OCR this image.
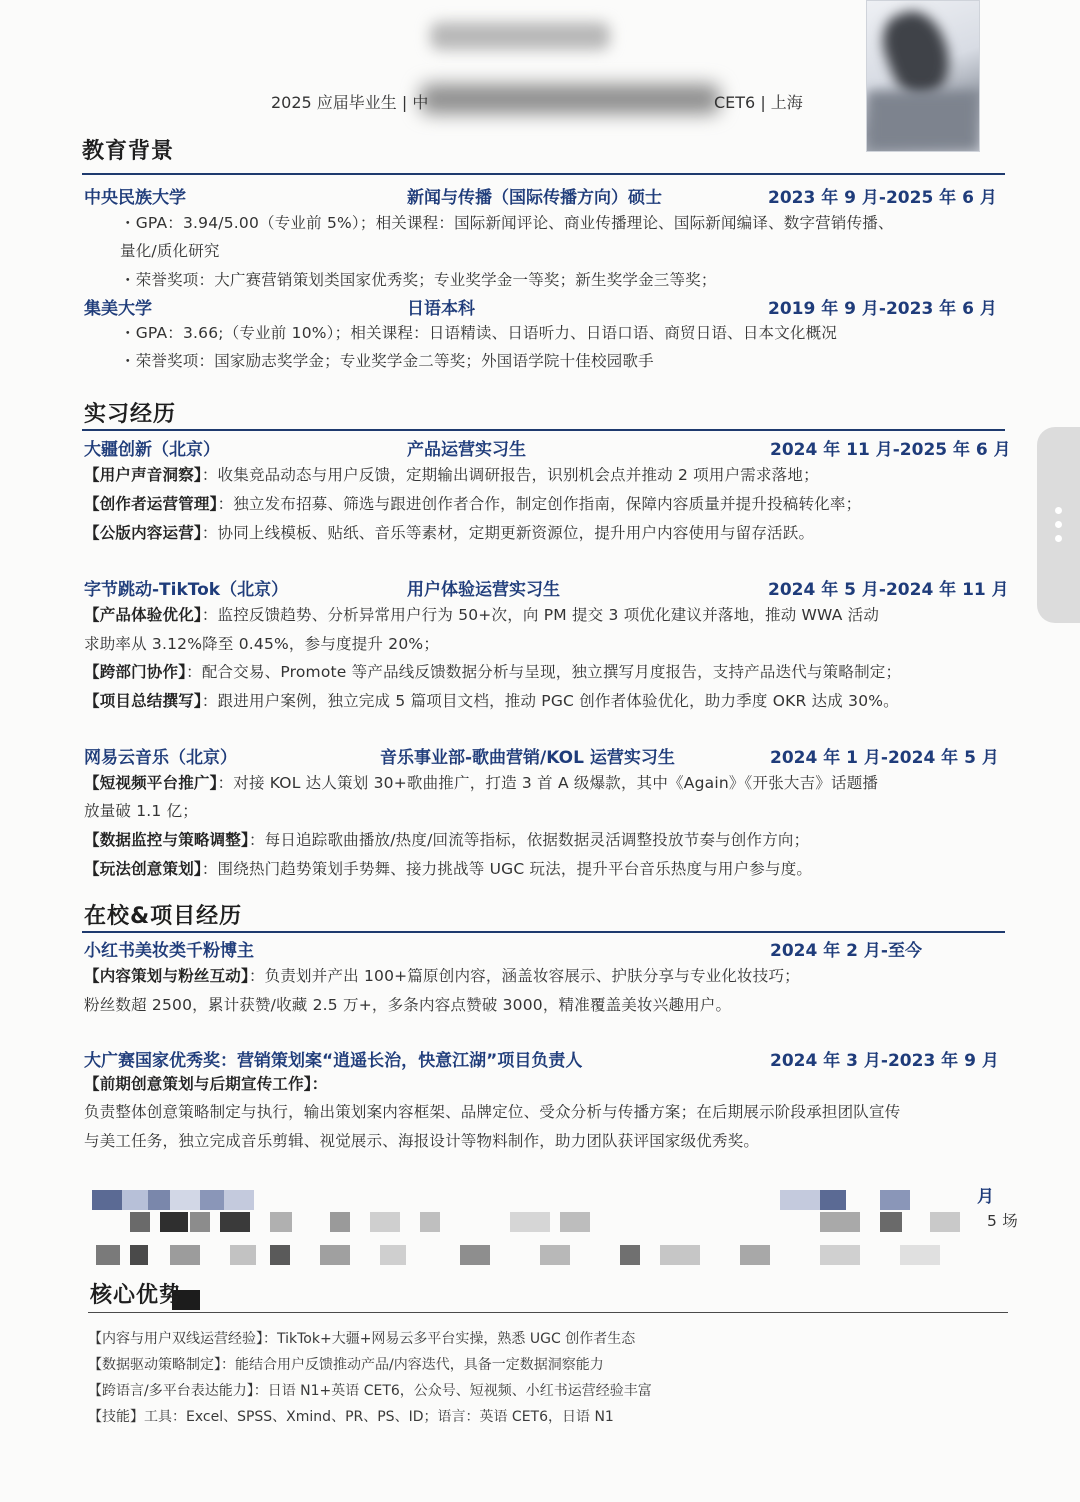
2025 应届毕业生 | 中	CET6 | 上海
教育背景
中央民族大学	新闻与传播（国际传播方向）硕士	2023 年 9 月-2025 年 6 月
・GPA：3.94/5.00（专业前 5%）；相关课程：国际新闻评论、商业传播理论、国际新闻编译、数字营销传播、
量化/质化研究
・荣誉奖项：大广赛营销策划类国家优秀奖；专业奖学金一等奖；新生奖学金三等奖；
集美大学	日语本科	2019 年 9 月-2023 年 6 月
・GPA：3.66;（专业前 10%）；相关课程：日语精读、日语听力、日语口语、商贸日语、日本文化概况
・荣誉奖项：国家励志奖学金；专业奖学金二等奖；外国语学院十佳校园歌手
实习经历
大疆创新（北京）	产品运营实习生	2024 年 11 月-2025 年 6 月
【用户声音洞察】：收集竞品动态与用户反馈，定期输出调研报告，识别机会点并推动 2 项用户需求落地；
【创作者运营管理】：独立发布招募、筛选与跟进创作者合作，制定创作指南，保障内容质量并提升投稿转化率；
【公版内容运营】：协同上线模板、贴纸、音乐等素材，定期更新资源位，提升用户内容使用与留存活跃。
字节跳动-TikTok（北京）	用户体验运营实习生	2024 年 5 月-2024 年 11 月
【产品体验优化】：监控反馈趋势、分析异常用户行为 50+次，向 PM 提交 3 项优化建议并落地，推动 WWA 活动
求助率从 3.12%降至 0.45%，参与度提升 20%；
【跨部门协作】：配合交易、Promote 等产品线反馈数据分析与呈现，独立撰写月度报告，支持产品迭代与策略制定；
【项目总结撰写】：跟进用户案例，独立完成 5 篇项目文档，推动 PGC 创作者体验优化，助力季度 OKR 达成 30%。
网易云音乐（北京）	音乐事业部-歌曲营销/KOL 运营实习生	2024 年 1 月-2024 年 5 月
【短视频平台推广】：对接 KOL 达人策划 30+歌曲推广，打造 3 首 A 级爆款，其中《Again》《开张大吉》话题播
放量破 1.1 亿；
【数据监控与策略调整】：每日追踪歌曲播放/热度/回流等指标，依据数据灵活调整投放节奏与创作方向；
【玩法创意策划】：围绕热门趋势策划手势舞、接力挑战等 UGC 玩法，提升平台音乐热度与用户参与度。
在校&项目经历
小红书美妆类千粉博主	2024 年 2 月-至今
【内容策划与粉丝互动】：负责划并产出 100+篇原创内容，涵盖妆容展示、护肤分享与专业化妆技巧；
粉丝数超 2500，累计获赞/收藏 2.5 万+，多条内容点赞破 3000，精准覆盖美妆兴趣用户。
大广赛国家优秀奖：营销策划案“逍遥长治，快意江湖”项目负责人	2024 年 3 月-2023 年 9 月
【前期创意策划与后期宣传工作】：
负责整体创意策略制定与执行，输出策划案内容框架、品牌定位、受众分析与传播方案；在后期展示阶段承担团队宣传
与美工任务，独立完成音乐剪辑、视觉展示、海报设计等物料制作，助力团队获评国家级优秀奖。
月
5 场
核心优势
【内容与用户双线运营经验】：TikTok+大疆+网易云多平台实操，熟悉 UGC 创作者生态
【数据驱动策略制定】：能结合用户反馈推动产品/内容迭代，具备一定数据洞察能力
【跨语言/多平台表达能力】：日语 N1+英语 CET6，公众号、短视频、小红书运营经验丰富
【技能】工具：Excel、SPSS、Xmind、PR、PS、ID；语言：英语 CET6，日语 N1
